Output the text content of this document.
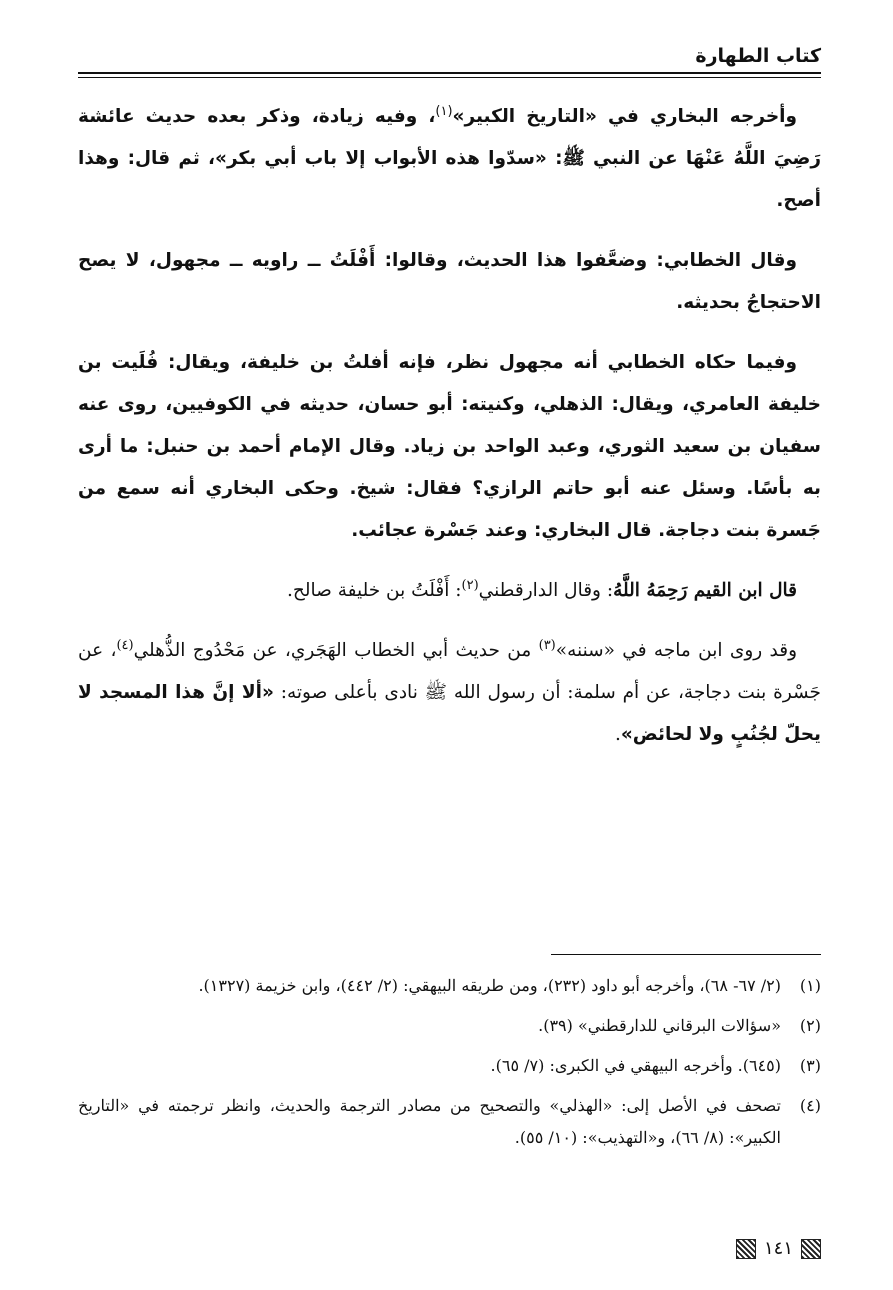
كتاب الطهارة

وأخرجه البخاري في «التاريخ الكبير»$^{(١)}$، وفيه زيادة، وذكر بعده حديث عائشة رَضِيَ اللَّهُ عَنْهَا عن النبي ﷺ: «سدّوا هذه الأبواب إلا باب أبي بكر»، ثم قال: وهذا أصح.

وقال الخطابي: وضعَّفوا هذا الحديث، وقالوا: أَفْلَتُ ــ راويه ــ مجهول، لا يصح الاحتجاجُ بحديثه.

وفيما حكاه الخطابي أنه مجهول نظر، فإنه أفلتُ بن خليفة، ويقال: فُلَيت بن خليفة العامري، ويقال: الذهلي، وكنيته: أبو حسان، حديثه في الكوفيين، روى عنه سفيان بن سعيد الثوري، وعبد الواحد بن زياد. وقال الإمام أحمد بن حنبل: ما أرى به بأسًا. وسئل عنه أبو حاتم الرازي؟ فقال: شيخ. وحكى البخاري أنه سمع من جَسرة بنت دجاجة. قال البخاري: وعند جَسْرة عجائب.

قال ابن القيم رَحِمَهُ اللَّهُ: وقال الدارقطني$^{(٢)}$: أَفْلَتُ بن خليفة صالح.

وقد روى ابن ماجه في «سننه»$^{(٣)}$ من حديث أبي الخطاب الهَجَري، عن مَحْدُوج الذُّهلي$^{(٤)}$، عن جَسْرة بنت دجاجة، عن أم سلمة: أن رسول الله ﷺ نادى بأعلى صوته: «ألا إنَّ هذا المسجد لا يحلّ لجُنُبٍ ولا لحائض».

(١)
(٢/ ٦٧- ٦٨)، وأخرجه أبو داود (٢٣٢)، ومن طريقه البيهقي: (٢/ ٤٤٢)، وابن خزيمة (١٣٢٧).
(٢)
«سؤالات البرقاني للدارقطني» (٣٩).
(٣)
(٦٤٥). وأخرجه البيهقي في الكبرى: (٧/ ٦٥).
(٤)
تصحف في الأصل إلى: «الهذلي» والتصحيح من مصادر الترجمة والحديث، وانظر ترجمته في «التاريخ الكبير»: (٨/ ٦٦)، و«التهذيب»: (١٠/ ٥٥).
١٤١
